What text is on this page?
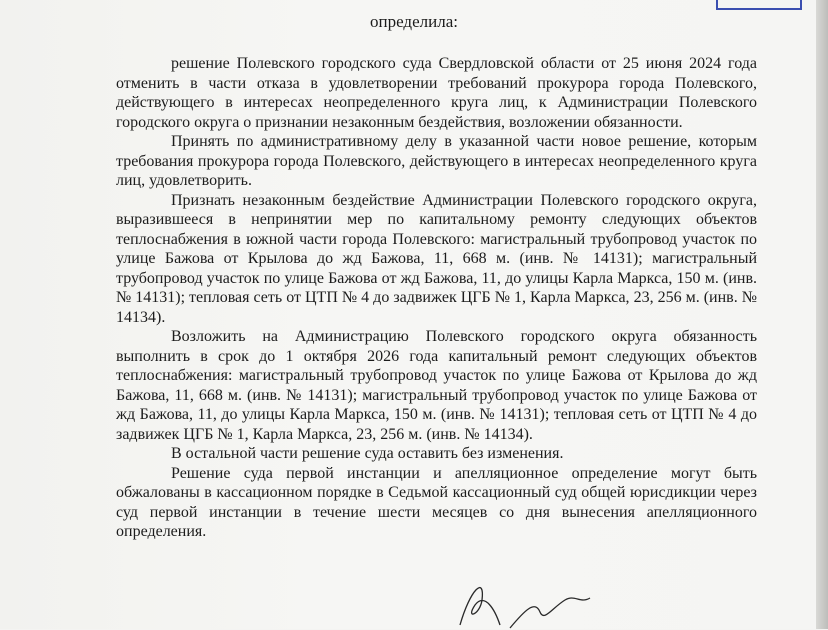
определила:

решение Полевского городского суда Свердловской области от 25 июня 2024 года отменить в части отказа в удовлетворении требований прокурора города Полевского, действующего в интересах неопределенного круга лиц, к Администрации Полевского городского округа о признании незаконным бездействия, возложении обязанности.

Принять по административному делу в указанной части новое решение, которым требования прокурора города Полевского, действующего в интересах неопределенного круга лиц, удовлетворить.

Признать незаконным бездействие Администрации Полевского городского округа, выразившееся в непринятии мер по капитальному ремонту следующих объектов теплоснабжения в южной части города Полевского: магистральный трубопровод участок по улице Бажова от Крылова до жд Бажова, 11, 668 м. (инв. № 14131); магистральный трубопровод участок по улице Бажова от жд Бажова, 11, до улицы Карла Маркса, 150 м. (инв. № 14131); тепловая сеть от ЦТП № 4 до задвижек ЦГБ № 1, Карла Маркса, 23, 256 м. (инв. № 14134).

Возложить на Администрацию Полевского городского округа обязанность выполнить в срок до 1 октября 2026 года капитальный ремонт следующих объектов теплоснабжения: магистральный трубопровод участок по улице Бажова от Крылова до жд Бажова, 11, 668 м. (инв. № 14131); магистральный трубопровод участок по улице Бажова от жд Бажова, 11, до улицы Карла Маркса, 150 м. (инв. № 14131); тепловая сеть от ЦТП № 4 до задвижек ЦГБ № 1, Карла Маркса, 23, 256 м. (инв. № 14134).

В остальной части решение суда оставить без изменения.

Решение суда первой инстанции и апелляционное определение могут быть обжалованы в кассационном порядке в Седьмой кассационный суд общей юрисдикции через суд первой инстанции в течение шести месяцев со дня вынесения апелляционного определения.
